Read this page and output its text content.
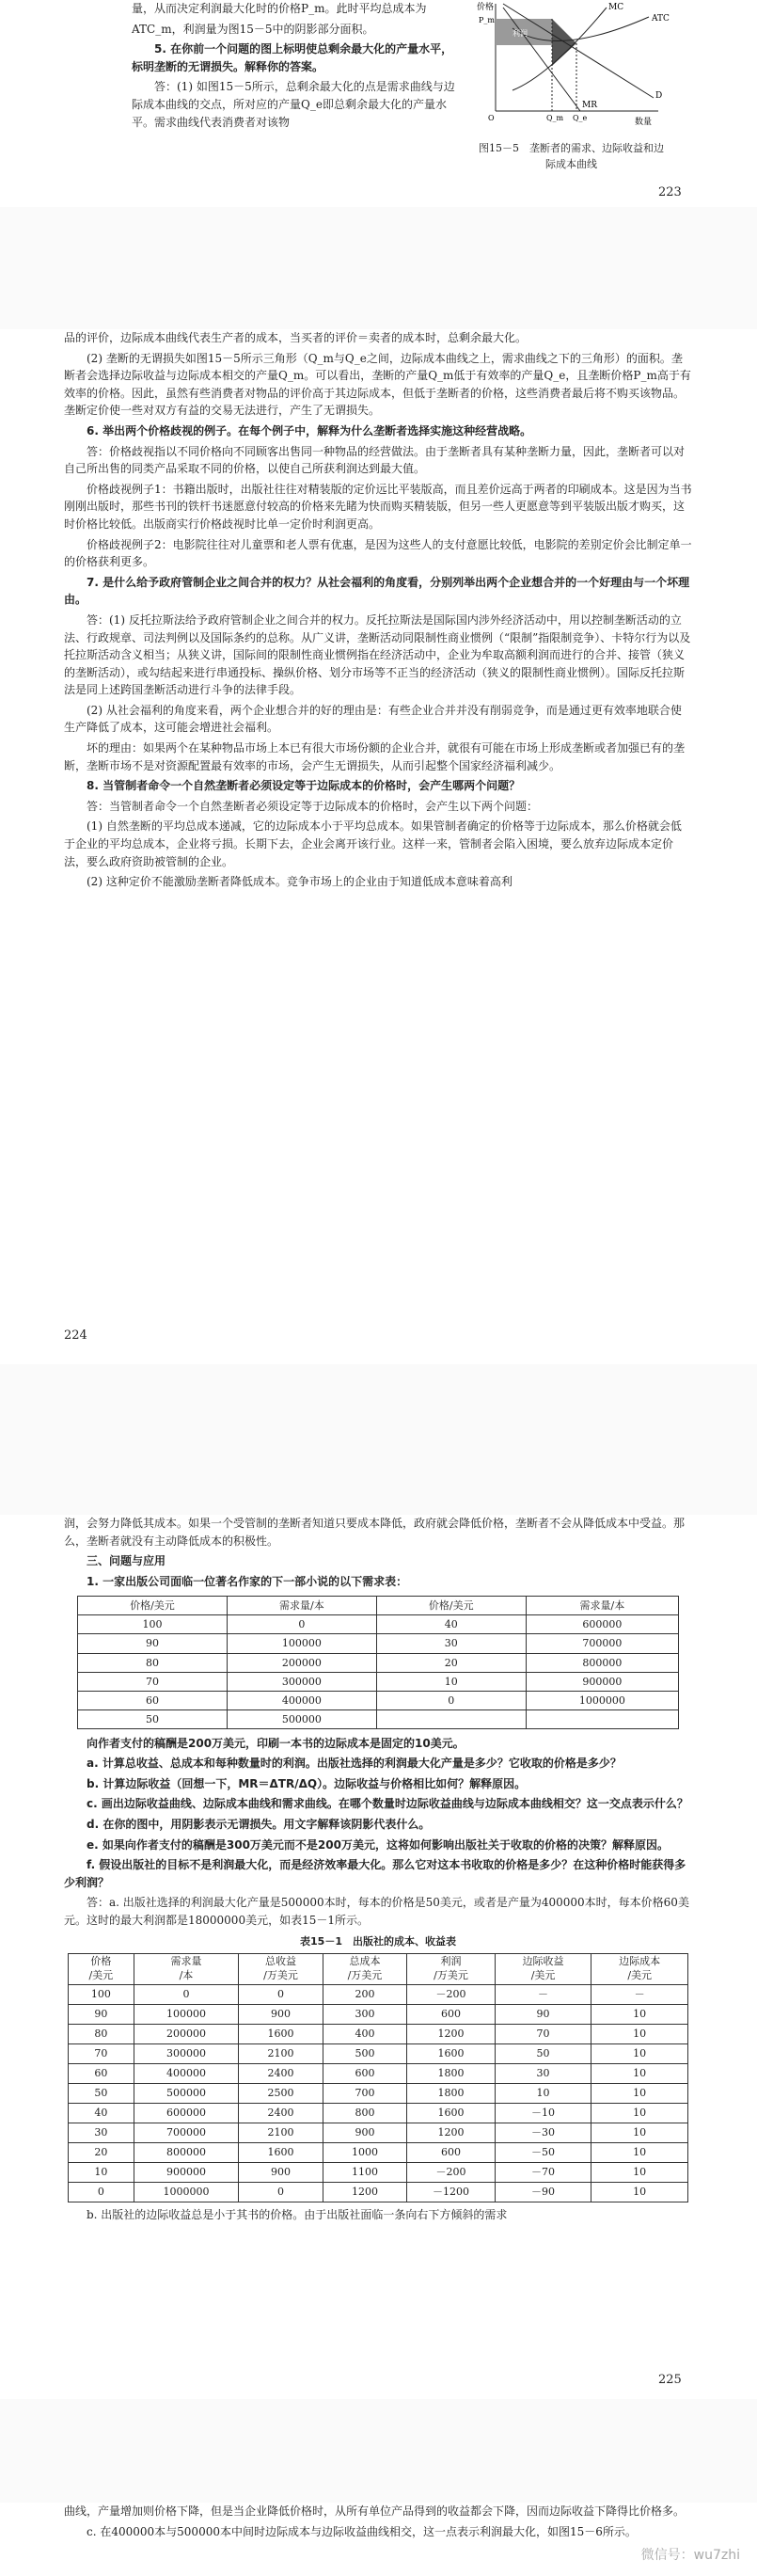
量，从而决定利润最大化时的价格P_m。此时平均总成本为

ATC_m，利润量为图15－5中的阴影部分面积。

5. 在你前一个问题的图上标明使总剩余最大化的产量水平，标明垄断的无谓损失。解释你的答案。

答：(1) 如图15－5所示，总剩余最大化的点是需求曲线与边际成本曲线的交点，所对应的产量Q_e即总剩余最大化的产量水平。需求曲线代表消费者对该物

价格
数量
ATC
MC
MR
D
P_m
利润
Q_m Q_e
O
图15－5　垄断者的需求、边际收益和边际成本曲线
223

品的评价，边际成本曲线代表生产者的成本，当买者的评价＝卖者的成本时，总剩余最大化。

(2) 垄断的无谓损失如图15－5所示三角形（Q_m与Q_e之间，边际成本曲线之上，需求曲线之下的三角形）的面积。垄断者会选择边际收益与边际成本相交的产量Q_m。可以看出，垄断的产量Q_m低于有效率的产量Q_e，且垄断价格P_m高于有效率的价格。因此，虽然有些消费者对物品的评价高于其边际成本，但低于垄断者的价格，这些消费者最后将不购买该物品。垄断定价使一些对双方有益的交易无法进行，产生了无谓损失。

6. 举出两个价格歧视的例子。在每个例子中，解释为什么垄断者选择实施这种经营战略。

答：价格歧视指以不同价格向不同顾客出售同一种物品的经营做法。由于垄断者具有某种垄断力量，因此，垄断者可以对自己所出售的同类产品采取不同的价格，以使自己所获利润达到最大值。

价格歧视例子1：书籍出版时，出版社往往对精装版的定价远比平装版高，而且差价远高于两者的印刷成本。这是因为当书刚刚出版时，那些书刊的铁杆书迷愿意付较高的价格来先睹为快而购买精装版，但另一些人更愿意等到平装版出版才购买，这时价格比较低。出版商实行价格歧视时比单一定价时利润更高。

价格歧视例子2：电影院往往对儿童票和老人票有优惠，是因为这些人的支付意愿比较低，电影院的差别定价会比制定单一的价格获利更多。

7. 是什么给予政府管制企业之间合并的权力？从社会福利的角度看，分别列举出两个企业想合并的一个好理由与一个坏理由。

答：(1) 反托拉斯法给予政府管制企业之间合并的权力。反托拉斯法是国际国内涉外经济活动中，用以控制垄断活动的立法、行政规章、司法判例以及国际条约的总称。从广义讲，垄断活动同限制性商业惯例（“限制”指限制竞争）、卡特尔行为以及托拉斯活动含义相当；从狭义讲，国际间的限制性商业惯例指在经济活动中，企业为牟取高额利润而进行的合并、接管（狭义的垄断活动），或勾结起来进行串通投标、操纵价格、划分市场等不正当的经济活动（狭义的限制性商业惯例）。国际反托拉斯法是同上述跨国垄断活动进行斗争的法律手段。

(2) 从社会福利的角度来看，两个企业想合并的好的理由是：有些企业合并并没有削弱竞争，而是通过更有效率地联合使生产降低了成本，这可能会增进社会福利。

坏的理由：如果两个在某种物品市场上本已有很大市场份额的企业合并，就很有可能在市场上形成垄断或者加强已有的垄断，垄断市场不是对资源配置最有效率的市场，会产生无谓损失，从而引起整个国家经济福利减少。

8. 当管制者命令一个自然垄断者必须设定等于边际成本的价格时，会产生哪两个问题？

答：当管制者命令一个自然垄断者必须设定等于边际成本的价格时，会产生以下两个问题：

(1) 自然垄断的平均总成本递减，它的边际成本小于平均总成本。如果管制者确定的价格等于边际成本，那么价格就会低于企业的平均总成本，企业将亏损。长期下去，企业会离开该行业。这样一来，管制者会陷入困境，要么放弃边际成本定价法，要么政府资助被管制的企业。

(2) 这种定价不能激励垄断者降低成本。竞争市场上的企业由于知道低成本意味着高利

224

润，会努力降低其成本。如果一个受管制的垄断者知道只要成本降低，政府就会降低价格，垄断者不会从降低成本中受益。那么，垄断者就没有主动降低成本的积极性。

三、问题与应用

1. 一家出版公司面临一位著名作家的下一部小说的以下需求表：

价格/美元	需求量/本	价格/美元	需求量/本
100	0	40	600000
90	100000	30	700000
80	200000	20	800000
70	300000	10	900000
60	400000	0	1000000
50	500000		

向作者支付的稿酬是200万美元，印刷一本书的边际成本是固定的10美元。

a. 计算总收益、总成本和每种数量时的利润。出版社选择的利润最大化产量是多少？它收取的价格是多少？

b. 计算边际收益（回想一下，MR＝ΔTR/ΔQ）。边际收益与价格相比如何？解释原因。

c. 画出边际收益曲线、边际成本曲线和需求曲线。在哪个数量时边际收益曲线与边际成本曲线相交？这一交点表示什么？

d. 在你的图中，用阴影表示无谓损失。用文字解释该阴影代表什么。

e. 如果向作者支付的稿酬是300万美元而不是200万美元，这将如何影响出版社关于收取的价格的决策？解释原因。

f. 假设出版社的目标不是利润最大化，而是经济效率最大化。那么它对这本书收取的价格是多少？在这种价格时能获得多少利润？

答：a. 出版社选择的利润最大化产量是500000本时，每本的价格是50美元，或者是产量为400000本时，每本价格60美元。这时的最大利润都是18000000美元，如表15－1所示。

表15－1　出版社的成本、收益表
价格
/美元	需求量
/本	总收益
/万美元	总成本
/万美元	利润
/万美元	边际收益
/美元	边际成本
/美元
100	0	0	200	－200	－	－
90	100000	900	300	600	90	10
80	200000	1600	400	1200	70	10
70	300000	2100	500	1600	50	10
60	400000	2400	600	1800	30	10
50	500000	2500	700	1800	10	10
40	600000	2400	800	1600	－10	10
30	700000	2100	900	1200	－30	10
20	800000	1600	1000	600	－50	10
10	900000	900	1100	－200	－70	10
0	1000000	0	1200	－1200	－90	10

b. 出版社的边际收益总是小于其书的价格。由于出版社面临一条向右下方倾斜的需求

225

曲线，产量增加则价格下降，但是当企业降低价格时，从所有单位产品得到的收益都会下降，因而边际收益下降得比价格多。

c. 在400000本与500000本中间时边际成本与边际收益曲线相交，这一点表示利润最大化，如图15－6所示。

微信号：wu7zhi
